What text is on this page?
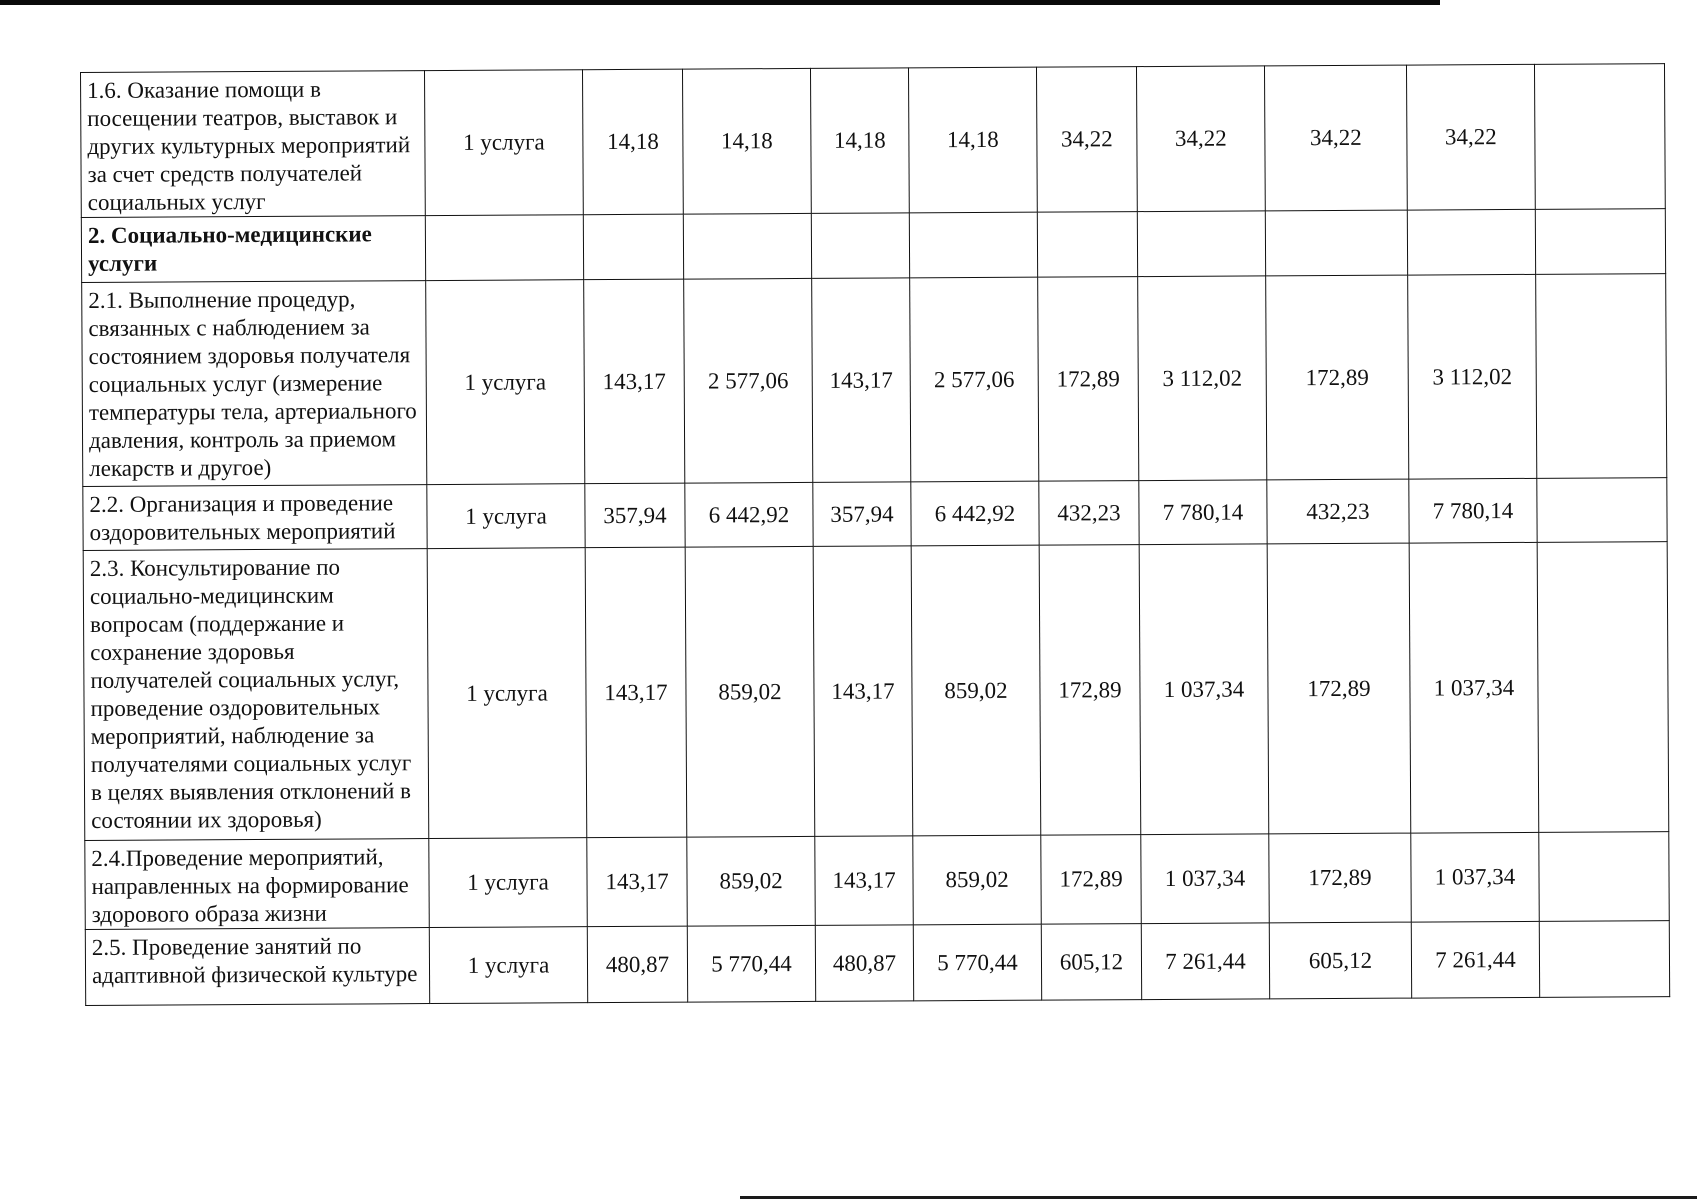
1.6. Оказание помощи в посещении театров, выставок и других культурных мероприятий за счет средств получателей социальных услуг	1 услуга	14,18	14,18	14,18	14,18	34,22	34,22	34,22	34,22	

2. Социально-медицинские услуги										

2.1. Выполнение процедур, связанных с наблюдением за состоянием здоровья получателя социальных услуг (измерение температуры тела, артериального давления, контроль за приемом лекарств и другое)	1 услуга	143,17	2 577,06	143,17	2 577,06	172,89	3 112,02	172,89	3 112,02	

2.2. Организация и проведение оздоровительных мероприятий	1 услуга	357,94	6 442,92	357,94	6 442,92	432,23	7 780,14	432,23	7 780,14	

2.3. Консультирование по социально-медицинским вопросам (поддержание и сохранение здоровья получателей социальных услуг, проведение оздоровительных мероприятий, наблюдение за получателями социальных услуг в целях выявления отклонений в состоянии их здоровья)	1 услуга	143,17	859,02	143,17	859,02	172,89	1 037,34	172,89	1 037,34	

2.4.Проведение мероприятий, направленных на формирование здорового образа жизни	1 услуга	143,17	859,02	143,17	859,02	172,89	1 037,34	172,89	1 037,34	

2.5. Проведение занятий по адаптивной физической культуре	1 услуга	480,87	5 770,44	480,87	5 770,44	605,12	7 261,44	605,12	7 261,44	
